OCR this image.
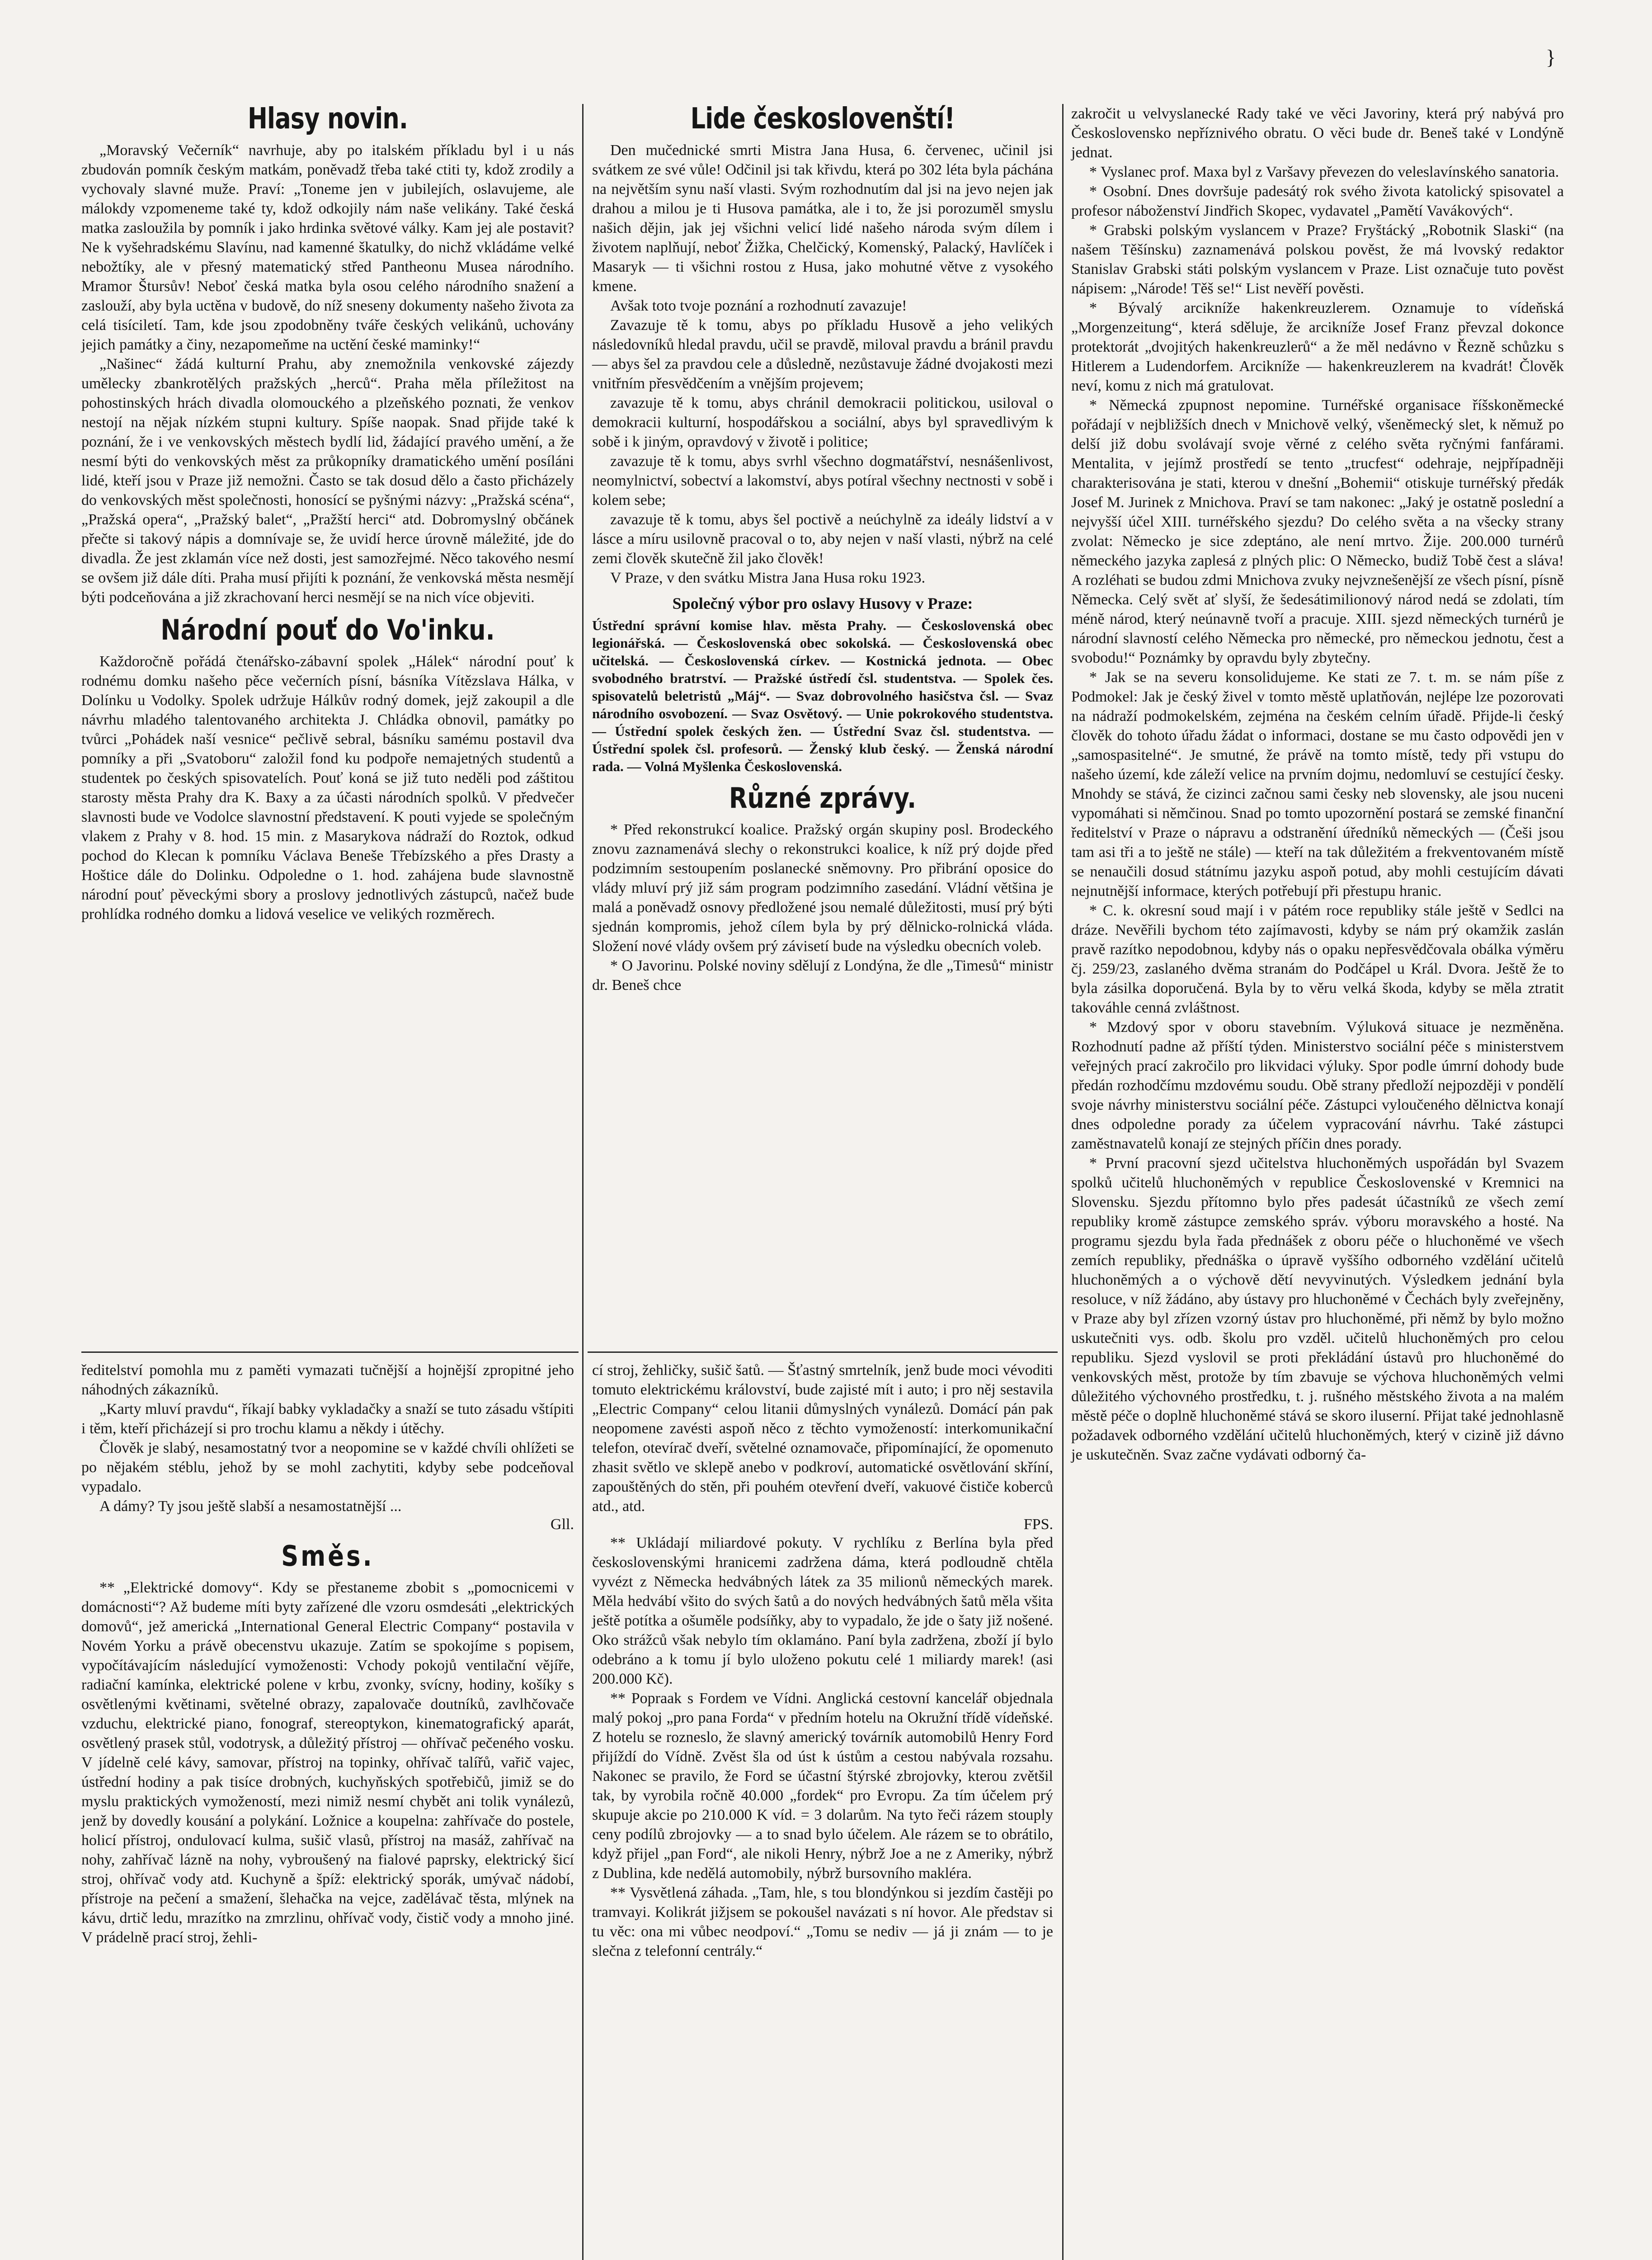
}
Hlasy novin.

„Moravský Večerník“ navrhuje, aby po italském příkladu byl i u nás zbudován pomník českým matkám, poněvadž třeba také ctiti ty, kdož zrodily a vychovaly slavné muže. Praví: „Toneme jen v jubilejích, oslavujeme, ale málokdy vzpomeneme také ty, kdož odkojily nám naše velikány. Také česká matka zasloužila by pomník i jako hrdinka světové války. Kam jej ale postavit? Ne k vyšehradskému Slavínu, nad kamenné škatulky, do nichž vkládáme velké nebožtíky, ale v přesný matematický střed Pantheonu Musea národního. Mramor Štursův! Neboť česká matka byla osou celého národního snažení a zaslouží, aby byla uctěna v budově, do níž sneseny dokumenty našeho života za celá tisíciletí. Tam, kde jsou zpodobněny tváře českých velikánů, uchovány jejich památky a činy, nezapomeňme na uctění české maminky!“

„Našinec“ žádá kulturní Prahu, aby znemožnila venkovské zájezdy umělecky zbankrotělých pražských „herců“. Praha měla příležitost na pohostinských hrách divadla olomouckého a plzeňského poznati, že venkov nestojí na nějak nízkém stupni kultury. Spíše naopak. Snad přijde také k poznání, že i ve venkovských městech bydlí lid, žádající pravého umění, a že nesmí býti do venkovských měst za průkopníky dramatického umění posíláni lidé, kteří jsou v Praze již nemožni. Často se tak dosud dělo a často přicházely do venkovských měst společnosti, honosící se pyšnými názvy: „Pražská scéna“, „Pražská opera“, „Pražský balet“, „Pražští herci“ atd. Dobromyslný občánek přečte si takový nápis a domnívaje se, že uvidí herce úrovně máležité, jde do divadla. Že jest zklamán více než dosti, jest samozřejmé. Něco takového nesmí se ovšem již dále díti. Praha musí přijíti k poznání, že venkovská města nesmějí býti podceňována a již zkrachovaní herci nesmějí se na nich více objeviti.

Národní pouť do Vo'inku.

Každoročně pořádá čtenářsko-zábavní spolek „Hálek“ národní pouť k rodnému domku našeho pěce večerních písní, básníka Vítězslava Hálka, v Dolínku u Vodolky. Spolek udržuje Hálkův rodný domek, jejž zakoupil a dle návrhu mladého talentovaného architekta J. Chládka obnovil, památky po tvůrci „Pohádek naší vesnice“ pečlivě sebral, básníku samému postavil dva pomníky a při „Svatoboru“ založil fond ku podpoře nemajetných studentů a studentek po českých spisovatelích. Pouť koná se již tuto neděli pod záštitou starosty města Prahy dra K. Baxy a za účasti národních spolků. V předvečer slavnosti bude ve Vodolce slavnostní představení. K pouti vyjede se společným vlakem z Prahy v 8. hod. 15 min. z Masarykova nádraží do Roztok, odkud pochod do Klecan k pomníku Václava Beneše Třebízského a přes Drasty a Hoštice dále do Dolinku. Odpoledne o 1. hod. zahájena bude slavnostně národní pouť pěveckými sbory a proslovy jednotlivých zástupců, načež bude prohlídka rodného domku a lidová veselice ve velikých rozměrech.

Lide českoslovenští!

Den mučednické smrti Mistra Jana Husa, 6. červenec, učinil jsi svátkem ze své vůle! Odčinil jsi tak křivdu, která po 302 léta byla páchána na největším synu naší vlasti. Svým rozhodnutím dal jsi na jevo nejen jak drahou a milou je ti Husova památka, ale i to, že jsi porozuměl smyslu našich dějin, jak jej všichni velicí lidé našeho národa svým dílem i životem naplňují, neboť Žižka, Chelčický, Komenský, Palacký, Havlíček i Masaryk — ti všichni rostou z Husa, jako mohutné větve z vysokého kmene.

Avšak toto tvoje poznání a rozhodnutí zavazuje!

Zavazuje tě k tomu, abys po příkladu Husově a jeho velikých následovníků hledal pravdu, učil se pravdě, miloval pravdu a bránil pravdu — abys šel za pravdou cele a důsledně, nezůstavuje žádné dvojakosti mezi vnitřním přesvědčením a vnějším projevem;

zavazuje tě k tomu, abys chránil demokracii politickou, usiloval o demokracii kulturní, hospodářskou a sociální, abys byl spravedlivým k sobě i k jiným, opravdový v životě i politice;

zavazuje tě k tomu, abys svrhl všechno dogmatářství, nesnášenlivost, neomylnictví, sobectví a lakomství, abys potíral všechny nectnosti v sobě i kolem sebe;

zavazuje tě k tomu, abys šel poctivě a neúchylně za ideály lidství a v lásce a míru usilovně pracoval o to, aby nejen v naší vlasti, nýbrž na celé zemi člověk skutečně žil jako člověk!

V Praze, v den svátku Mistra Jana Husa roku 1923.

Společný výbor pro oslavy Husovy v Praze:

Ústřední správní komise hlav. města Prahy. — Československá obec legionářská. — Československá obec sokolská. — Československá obec učitelská. — Československá církev. — Kostnická jednota. — Obec svobodného bratrství. — Pražské ústředí čsl. studentstva. — Spolek čes. spisovatelů beletristů „Máj“. — Svaz dobrovolného hasičstva čsl. — Svaz národního osvobození. — Svaz Osvětový. — Unie pokrokového studentstva. — Ústřední spolek českých žen. — Ústřední Svaz čsl. studentstva. — Ústřední spolek čsl. profesorů. — Ženský klub český. — Ženská národní rada. — Volná Myšlenka Československá.

Různé zprávy.

* Před rekonstrukcí koalice. Pražský orgán skupiny posl. Brodeckého znovu zaznamenává slechy o rekonstrukci koalice, k níž prý dojde před podzimním sestoupením poslanecké sněmovny. Pro přibrání oposice do vlády mluví prý již sám program podzimního zasedání. Vládní většina je malá a poněvadž osnovy předložené jsou nemalé důležitosti, musí prý býti sjednán kompromis, jehož cílem byla by prý dělnicko-rolnická vláda. Složení nové vlády ovšem prý závisetí bude na výsledku obecních voleb.

* O Javorinu. Polské noviny sdělují z Londýna, že dle „Timesů“ ministr dr. Beneš chce

zakročit u velvyslanecké Rady také ve věci Javoriny, která prý nabývá pro Československo nepříznivého obratu. O věci bude dr. Beneš také v Londýně jednat.

* Vyslanec prof. Maxa byl z Varšavy převezen do veleslavínského sanatoria.

* Osobní. Dnes dovršuje padesátý rok svého života katolický spisovatel a profesor náboženství Jindřich Skopec, vydavatel „Pamětí Vavákových“.

* Grabski polským vyslancem v Praze? Fryštácký „Robotnik Slaski“ (na našem Těšínsku) zaznamenává polskou pověst, že má lvovský redaktor Stanislav Grabski státi polským vyslancem v Praze. List označuje tuto pověst nápisem: „Národe! Těš se!“ List nevěří pověsti.

* Bývalý arcikníže hakenkreuzlerem. Oznamuje to vídeňská „Morgenzeitung“, která sděluje, že arcikníže Josef Franz převzal dokonce protektorát „dvojitých hakenkreuzlerů“ a že měl nedávno v Řezně schůzku s Hitlerem a Ludendorfem. Arcikníže — hakenkreuzlerem na kvadrát! Člověk neví, komu z nich má gratulovat.

* Německá zpupnost nepomine. Turnéřské organisace říšskoněmecké pořádají v nejbližších dnech v Mnichově velký, všeněmecký slet, k němuž po delší již dobu svolávají svoje věrné z celého světa ryčnými fanfárami. Mentalita, v jejímž prostředí se tento „trucfest“ odehraje, nejpřípadněji charakterisována je stati, kterou v dnešní „Bohemii“ otiskuje turnéřský předák Josef M. Jurinek z Mnichova. Praví se tam nakonec: „Jaký je ostatně poslední a nejvyšší účel XIII. turnéřského sjezdu? Do celého světa a na všecky strany zvolat: Německo je sice zdeptáno, ale není mrtvo. Žije. 200.000 turnérů německého jazyka zaplesá z plných plic: O Německo, budiž Tobě čest a sláva! A rozléhati se budou zdmi Mnichova zvuky nejvznešenější ze všech písní, písně Německa. Celý svět ať slyší, že šedesátimilionový národ nedá se zdolati, tím méně národ, který neúnavně tvoří a pracuje. XIII. sjezd německých turnérů je národní slavností celého Německa pro německé, pro německou jednotu, čest a svobodu!“ Poznámky by opravdu byly zbytečny.

* Jak se na severu konsolidujeme. Ke stati ze 7. t. m. se nám píše z Podmokel: Jak je český živel v tomto městě uplatňován, nejlépe lze pozorovati na nádraží podmokelském, zejména na českém celním úřadě. Přijde-li český člověk do tohoto úřadu žádat o informaci, dostane se mu často odpovědi jen v „samospasitelné“. Je smutné, že právě na tomto místě, tedy při vstupu do našeho území, kde záleží velice na prvním dojmu, nedomluví se cestující česky. Mnohdy se stává, že cizinci začnou sami česky neb slovensky, ale jsou nuceni vypomáhati si němčinou. Snad po tomto upozornění postará se zemské finanční ředitelství v Praze o nápravu a odstranění úředníků německých — (Češi jsou tam asi tři a to ještě ne stále) — kteří na tak důležitém a frekventovaném místě se nenaučili dosud státnímu jazyku aspoň potud, aby mohli cestujícím dávati nejnutnější informace, kterých potřebují při přestupu hranic.

* C. k. okresní soud mají i v pátém roce republiky stále ještě v Sedlci na dráze. Nevěřili bychom této zajímavosti, kdyby se nám prý okamžik zaslán pravě razítko nepodobnou, kdyby nás o opaku nepřesvědčovala obálka výměru čj. 259/23, zaslaného dvěma stranám do Podčápel u Král. Dvora. Ještě že to byla zásilka doporučená. Byla by to věru velká škoda, kdyby se měla ztratit takováhle cenná zvláštnost.

* Mzdový spor v oboru stavebním. Výluková situace je nezměněna. Rozhodnutí padne až příští týden. Ministerstvo sociální péče s ministerstvem veřejných prací zakročilo pro likvidaci výluky. Spor podle úmrní dohody bude předán rozhodčímu mzdovému soudu. Obě strany předloží nejpozději v pondělí svoje návrhy ministerstvu sociální péče. Zástupci vyloučeného dělnictva konají dnes odpoledne porady za účelem vypracování návrhu. Také zástupci zaměstnavatelů konají ze stejných příčin dnes porady.

* První pracovní sjezd učitelstva hluchoněmých uspořádán byl Svazem spolků učitelů hluchoněmých v republice Československé v Kremnici na Slovensku. Sjezdu přítomno bylo přes padesát účastníků ze všech zemí republiky kromě zástupce zemského správ. výboru moravského a hosté. Na programu sjezdu byla řada přednášek z oboru péče o hluchoněmé ve všech zemích republiky, přednáška o úpravě vyššího odborného vzdělání učitelů hluchoněmých a o výchově dětí nevyvinutých. Výsledkem jednání byla resoluce, v níž žádáno, aby ústavy pro hluchoněmé v Čechách byly zveřejněny, v Praze aby byl zřízen vzorný ústav pro hluchoněmé, při němž by bylo možno uskutečniti vys. odb. školu pro vzděl. učitelů hluchoněmých pro celou republiku. Sjezd vyslovil se proti překládání ústavů pro hluchoněmé do venkovských měst, protože by tím zbavuje se výchova hluchoněmých velmi důležitého výchovného prostředku, t. j. rušného městského života a na malém městě péče o doplně hluchoněmé stává se skoro iluserní. Přijat také jednohlasně požadavek odborného vzdělání učitelů hluchoněmých, který v cizině již dávno je uskutečněn. Svaz začne vydávati odborný ča-

ředitelství pomohla mu z paměti vymazati tučnější a hojnější zpropitné jeho náhodných zákazníků.

„Karty mluví pravdu“, říkají babky vykladačky a snaží se tuto zásadu vštípiti i těm, kteří přicházejí si pro trochu klamu a někdy i útěchy.

Člověk je slabý, nesamostatný tvor a neopomine se v každé chvíli ohlížeti se po nějakém stéblu, jehož by se mohl zachytiti, kdyby sebe podceňoval vypadalo.

A dámy? Ty jsou ještě slabší a nesamostatnější ...

Gll.
Směs.

** „Elektrické domovy“. Kdy se přestaneme zbobit s „pomocnicemi v domácnosti“? Až budeme míti byty zařízené dle vzoru osmdesáti „elektrických domovů“, jež americká „International General Electric Company“ postavila v Novém Yorku a právě obecenstvu ukazuje. Zatím se spokojíme s popisem, vypočítávajícím následující vymoženosti: Vchody pokojů ventilační vějíře, radiační kamínka, elektrické polene v krbu, zvonky, svícny, hodiny, košíky s osvětlenými květinami, světelné obrazy, zapalovače doutníků, zavlhčovače vzduchu, elektrické piano, fonograf, stereoptykon, kinematografický aparát, osvětlený prasek stůl, vodotrysk, a důležitý přístroj — ohřívač pečeného vosku. V jídelně celé kávy, samovar, přístroj na topinky, ohřívač talířů, vařič vajec, ústřední hodiny a pak tisíce drobných, kuchyňských spotřebičů, jimiž se do myslu praktických vymožeností, mezi nimiž nesmí chybět ani tolik vynálezů, jenž by dovedly kousání a polykání. Ložnice a koupelna: zahřívače do postele, holicí přístroj, ondulovací kulma, sušič vlasů, přístroj na masáž, zahřívač na nohy, zahřívač lázně na nohy, vybroušený na fialové paprsky, elektrický šicí stroj, ohřívač vody atd. Kuchyně a špíž: elektrický sporák, umývač nádobí, přístroje na pečení a smažení, šlehačka na vejce, zadělávač těsta, mlýnek na kávu, drtič ledu, mrazítko na zmrzlinu, ohřívač vody, čistič vody a mnoho jiné. V prádelně prací stroj, žehli-

cí stroj, žehličky, sušič šatů. — Šťastný smrtelník, jenž bude moci vévoditi tomuto elektrickému království, bude zajisté mít i auto; i pro něj sestavila „Electric Company“ celou litanii důmyslných vynálezů. Domácí pán pak neopomene zavésti aspoň něco z těchto vymožeností: interkomunikační telefon, otevírač dveří, světelné oznamovače, připomínající, že opomenuto zhasit světlo ve sklepě anebo v podkroví, automatické osvětlování skříní, zapouštěných do stěn, při pouhém otevření dveří, vakuové čističe koberců atd., atd.

FPS.

** Ukládají miliardové pokuty. V rychlíku z Berlína byla před československými hranicemi zadržena dáma, která podloudně chtěla vyvézt z Německa hedvábných látek za 35 milionů německých marek. Měla hedvábí všito do svých šatů a do nových hedvábných šatů měla všita ještě potítka a ošuměle podsíňky, aby to vypadalo, že jde o šaty již nošené. Oko strážců však nebylo tím oklamáno. Paní byla zadržena, zboží jí bylo odebráno a k tomu jí bylo uloženo pokutu celé 1 miliardy marek! (asi 200.000 Kč).

** Popraak s Fordem ve Vídni. Anglická cestovní kancelář objednala malý pokoj „pro pana Forda“ v předním hotelu na Okružní třídě vídeňské. Z hotelu se rozneslo, že slavný americký továrník automobilů Henry Ford přijíždí do Vídně. Zvěst šla od úst k ústům a cestou nabývala rozsahu. Nakonec se pravilo, že Ford se účastní štýrské zbrojovky, kterou zvětšil tak, by vyrobila ročně 40.000 „fordek“ pro Evropu. Za tím účelem prý skupuje akcie po 210.000 K víd. = 3 dolarům. Na tyto řeči rázem stouply ceny podílů zbrojovky — a to snad bylo účelem. Ale rázem se to obrátilo, když přijel „pan Ford“, ale nikoli Henry, nýbrž Joe a ne z Ameriky, nýbrž z Dublina, kde nedělá automobily, nýbrž bursovního makléra.

** Vysvětlená záhada. „Tam, hle, s tou blondýnkou si jezdím častěji po tramvayi. Kolikrát jižjsem se pokoušel navázati s ní hovor. Ale představ si tu věc: ona mi vůbec neodpoví.“ „Tomu se nediv — já ji znám — to je slečna z telefonní centrály.“
